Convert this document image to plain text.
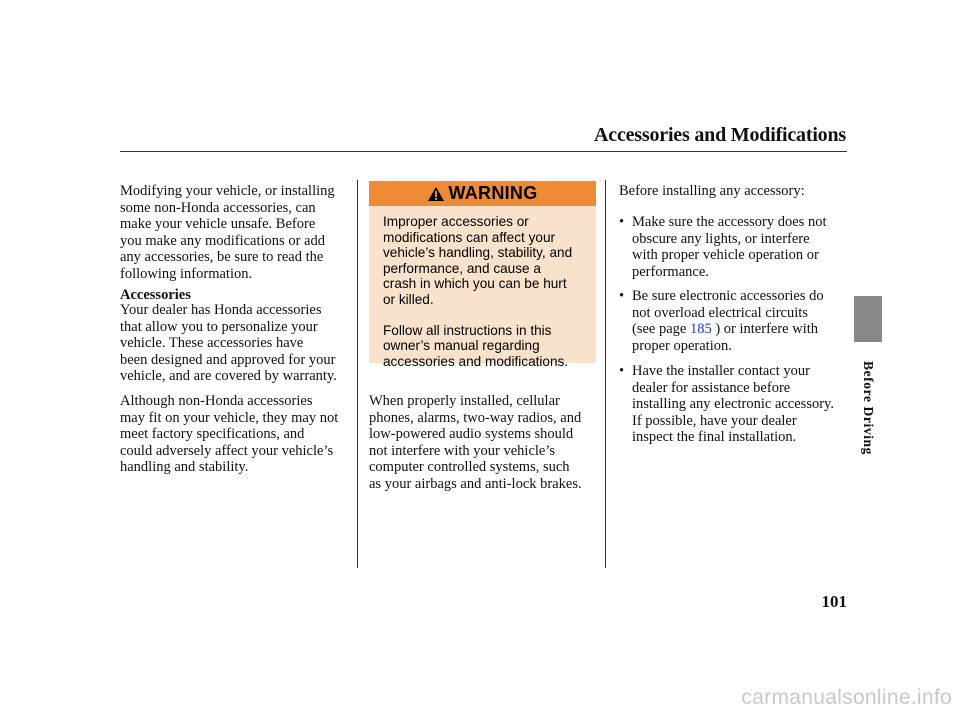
Accessories and Modifications
Modifying your vehicle, or installing
some non-Honda accessories, can
make your vehicle unsafe. Before
you make any modifications or add
any accessories, be sure to read the
following information.
Accessories
Your dealer has Honda accessories
that allow you to personalize your
vehicle. These accessories have
been designed and approved for your
vehicle, and are covered by warranty.
Although non-Honda accessories
may fit on your vehicle, they may not
meet factory specifications, and
could adversely affect your vehicle’s
handling and stability.
WARNING
Improper accessories or
modifications can affect your
vehicle’s handling, stability, and
performance, and cause a
crash in which you can be hurt
or killed.
Follow all instructions in this
owner’s manual regarding
accessories and modifications.
When properly installed, cellular
phones, alarms, two-way radios, and
low-powered audio systems should
not interfere with your vehicle’s
computer controlled systems, such
as your airbags and anti-lock brakes.
Before installing any accessory:
• Make sure the accessory does not
obscure any lights, or interfere
with proper vehicle operation or
performance.
• Be sure electronic accessories do
not overload electrical circuits
(see page 185 ) or interfere with
proper operation.
• Have the installer contact your
dealer for assistance before
installing any electronic accessory.
If possible, have your dealer
inspect the final installation.	Before Driving
101
carmanualsonline.info
